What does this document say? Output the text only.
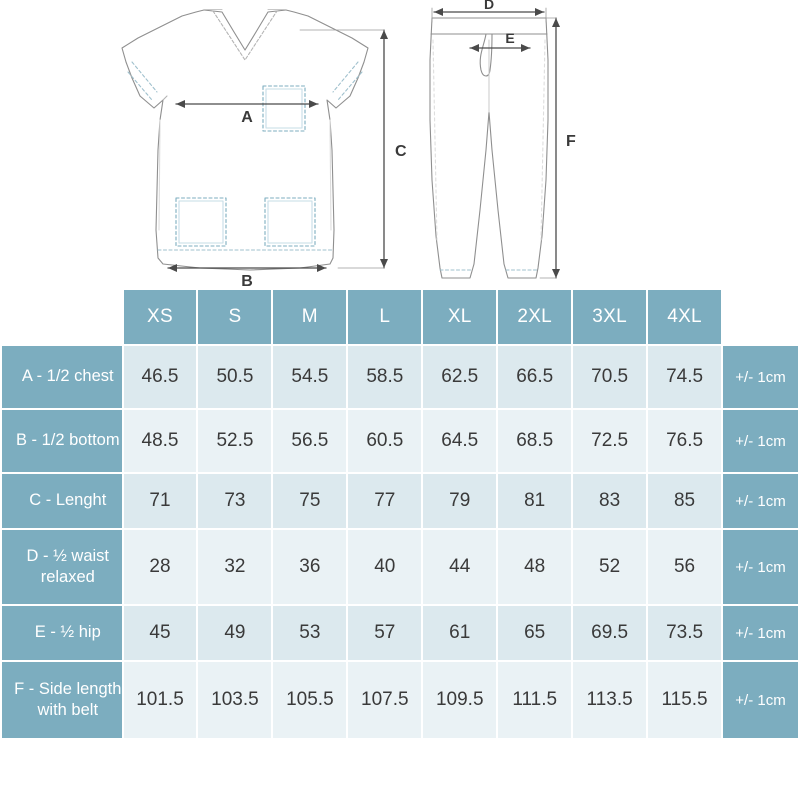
A
B
C
D
E
F
	XS	S	M	L	XL	2XL	3XL	4XL	
A - 1/2 chest	46.5	50.5	54.5	58.5	62.5	66.5	70.5	74.5	+/- 1cm
B - 1/2 bottom	48.5	52.5	56.5	60.5	64.5	68.5	72.5	76.5	+/- 1cm
C - Lenght	71	73	75	77	79	81	83	85	+/- 1cm
D - ½ waist relaxed	28	32	36	40	44	48	52	56	+/- 1cm
E - ½ hip	45	49	53	57	61	65	69.5	73.5	+/- 1cm
F - Side length with belt	101.5	103.5	105.5	107.5	109.5	111.5	113.5	115.5	+/- 1cm
